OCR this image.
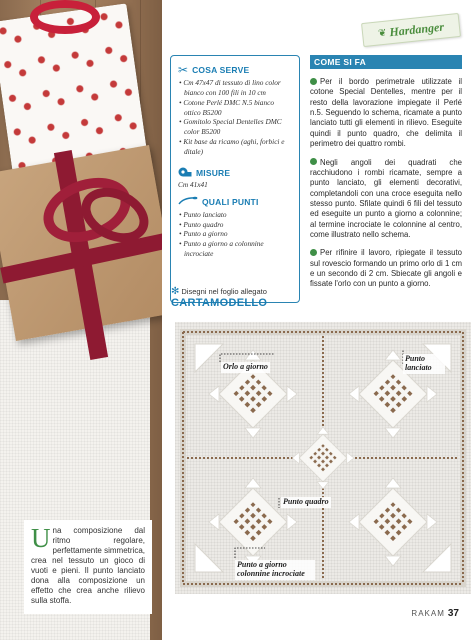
Una composizione dal ritmo regolare, perfettamente simmetrica, crea nel tessuto un gioco di vuoti e pieni. Il punto lanciato dona alla composizione un effetto che crea anche rilievo sulla stoffa.
✂ COSA SERVE
• Cm 47x47 di tessuto di lino color bianco con 100 fili in 10 cm
• Cotone Perlé DMC N.5 bianco ottico B5200
• Gomitolo Special Dentelles DMC color B5200
• Kit base da ricamo (aghi, forbici e ditale)
MISURE
Cm 41x41
QUALI PUNTI
• Punto lanciato
• Punto quadro
• Punto a giorno
• Punto a giorno a colonnine incrociate
✻ Disegni nel foglio allegato
CARTAMODELLO
❦ Hardanger
COME SI FA

Per il bordo perimetrale utilizzate il cotone Special Dentelles, mentre per il resto della lavorazione impiegate il Perlé n.5. Seguendo lo schema, ricamate a punto lanciato tutti gli elementi in rilievo. Eseguite quindi il punto quadro, che delimita il perimetro dei quattro rombi.

Negli angoli dei quadrati che racchiudono i rombi ricamate, sempre a punto lanciato, gli elementi decorativi, completandoli con una croce eseguita nello stesso punto. Sfilate quindi 6 fili del tessuto ed eseguite un punto a giorno a colonnine; al termine incrociate le colonnine al centro, come illustrato nello schema.

Per rifinire il lavoro, ripiegate il tessuto sul rovescio formando un primo orlo di 1 cm e un secondo di 2 cm. Sbiecate gli angoli e fissate l'orlo con un punto a giorno.

Orlo a giorno
Punto lanciato
Punto quadro
Punto a giorno colonnine incrociate
RAKAM 37
